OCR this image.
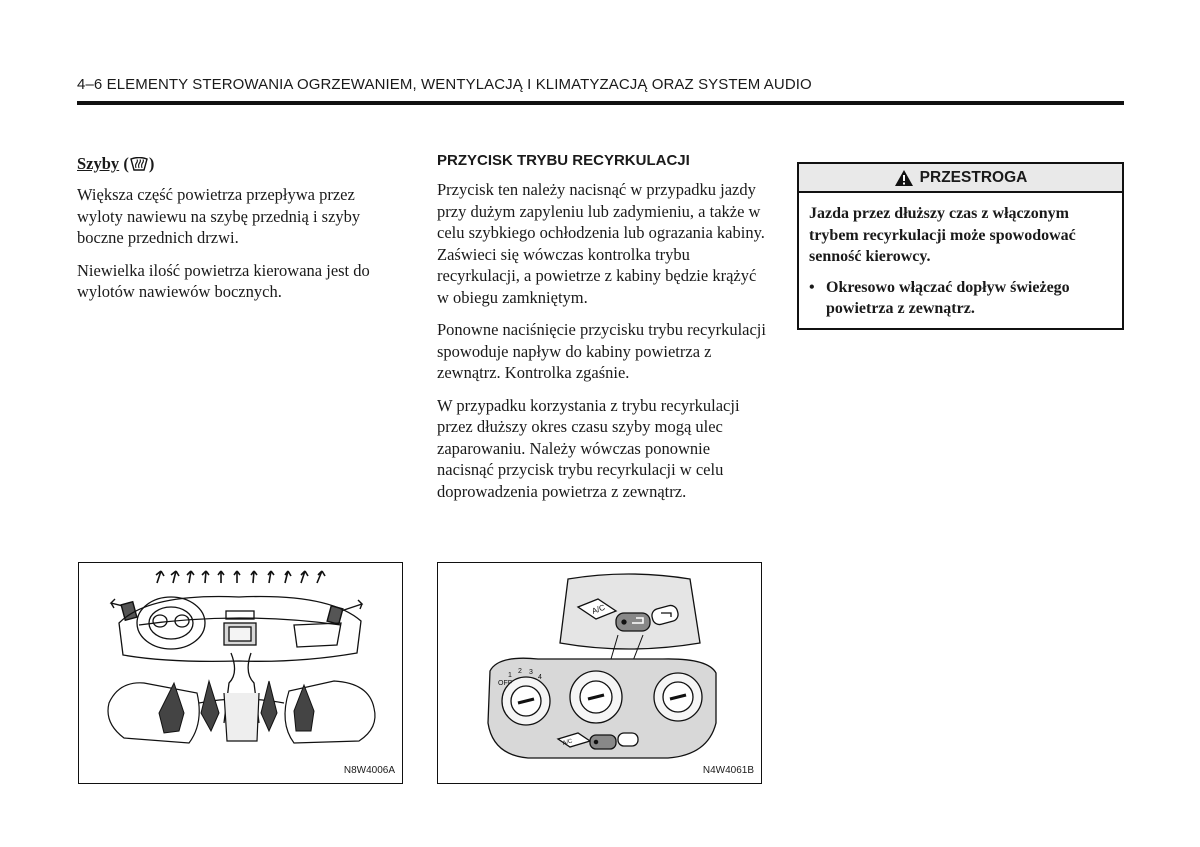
4–6 ELEMENTY STEROWANIA OGRZEWANIEM, WENTYLACJĄ I KLIMATYZACJĄ ORAZ SYSTEM AUDIO
Szyby ( )

Większa część powietrza przepływa przez wyloty nawiewu na szybę przednią i szyby boczne przednich drzwi.

Niewielka ilość powietrza kierowana jest do wylotów nawiewów bocznych.

PRZYCISK TRYBU RECYRKULACJI

Przycisk ten należy nacisnąć w przypadku jazdy przy dużym zapyleniu lub zadymieniu, a także w celu szybkiego ochłodzenia lub ograzania kabiny. Zaświeci się wówczas kontrolka trybu recyrkulacji, a powietrze z kabiny będzie krążyć w obiegu zamkniętym.

Ponowne naciśnięcie przycisku trybu recyrkulacji spowoduje napływ do kabiny powietrza z zewnątrz. Kontrolka zgaśnie.

W przypadku korzystania z trybu recyrkulacji przez dłuższy okres czasu szyby mogą ulec zaparowaniu. Należy wówczas ponownie nacisnąć przycisk trybu recyrkulacji w celu doprowadzenia powietrza z zewnątrz.

PRZESTROGA

Jazda przez dłuższy czas z włączonym trybem recyrkulacji może spowodować senność kierowcy.

• Okresowo włączać dopływ świeżego powietrza z zewnątrz.

N8W4006A
A/C
OFF
1
2 3
4
A/C
N4W4061B
